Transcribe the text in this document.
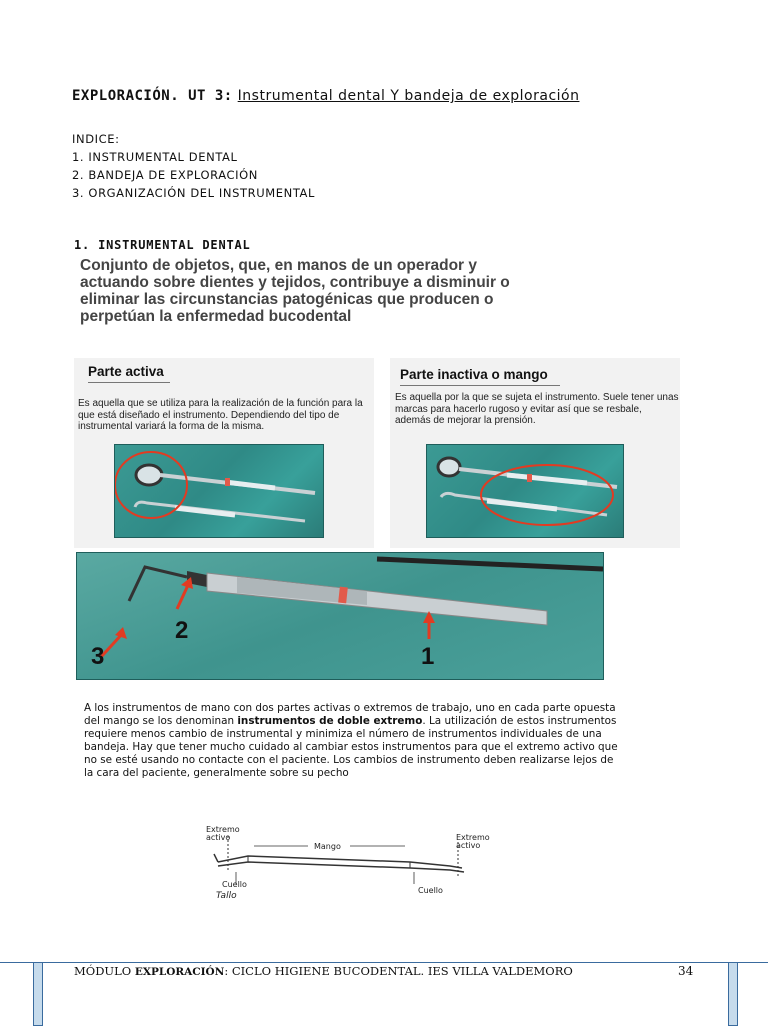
EXPLORACIÓN. UT 3: Instrumental dental Y bandeja de exploración
INDICE:
1. INSTRUMENTAL DENTAL
2. BANDEJA DE EXPLORACIÓN
3. ORGANIZACIÓN DEL INSTRUMENTAL
1. INSTRUMENTAL DENTAL
Conjunto de objetos, que, en manos de un operador y actuando sobre dientes y tejidos, contribuye a disminuir o eliminar las circunstancias patogénicas que producen o perpetúan la enfermedad bucodental
Parte activa
Es aquella que se utiliza para la realización de la función para la que está diseñado el instrumento. Dependiendo del tipo de instrumental variará la forma de la misma.
Parte inactiva o mango
Es aquella por la que se sujeta el instrumento. Suele tener unas marcas para hacerlo rugoso y evitar así que se resbale, además de mejorar la prensión.
3
2
1
A los instrumentos de mano con dos partes activas o extremos de trabajo, uno en cada parte opuesta del mango se los denominan instrumentos de doble extremo. La utilización de estos instrumentos requiere menos cambio de instrumental y minimiza el número de instrumentos individuales de una bandeja. Hay que tener mucho cuidado al cambiar estos instrumentos para que el extremo activo que no se esté usando no contacte con el paciente. Los cambios de instrumento deben realizarse lejos de la cara del paciente, generalmente sobre su pecho
Extremo
activo
Mango
Extremo
activo
Cuello
Tallo
Cuello
MÓDULO EXPLORACIÓN: CICLO HIGIENE BUCODENTAL. IES VILLA VALDEMORO	34
